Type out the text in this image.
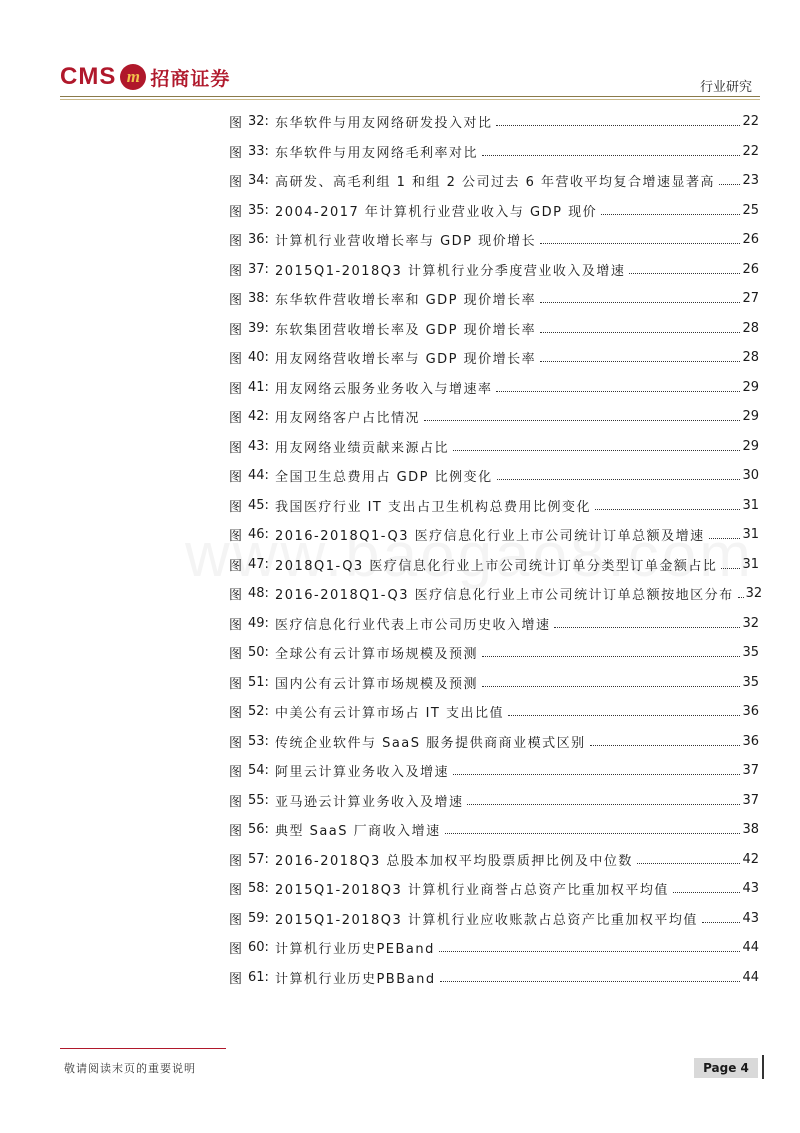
CMS m 招商证券	行业研究
图 32: 东华软件与用友网络研发投入对比	22
图 33: 东华软件与用友网络毛利率对比	22
图 34: 高研发、高毛利组 1 和组 2 公司过去 6 年营收平均复合增速显著高 23
图 35: 2004-2017 年计算机行业营业收入与 GDP 现价	25
图 36: 计算机行业营收增长率与 GDP 现价增长	26
图 37: 2015Q1-2018Q3 计算机行业分季度营业收入及增速	26
图 38: 东华软件营收增长率和 GDP 现价增长率	27
图 39: 东软集团营收增长率及 GDP 现价增长率	28
图 40: 用友网络营收增长率与 GDP 现价增长率	28
图 41: 用友网络云服务业务收入与增速率	29
图 42: 用友网络客户占比情况	29
图 43: 用友网络业绩贡献来源占比	29
图 44: 全国卫生总费用占 GDP 比例变化	30
图 45: 我国医疗行业 IT 支出占卫生机构总费用比例变化	31
图 46: 2016-2018Q1-Q3 医疗信息化行业上市公司统计订单总额及增速	31
图 47: 2018Q1-Q3 医疗信息化行业上市公司统计订单分类型订单金额占比 31
图 48: 2016-2018Q1-Q3 医疗信息化行业上市公司统计订单总额按地区分布 32
图 49: 医疗信息化行业代表上市公司历史收入增速	32
图 50: 全球公有云计算市场规模及预测	35
图 51: 国内公有云计算市场规模及预测	35
图 52: 中美公有云计算市场占 IT 支出比值	36
图 53: 传统企业软件与 SaaS 服务提供商商业模式区别	36
图 54: 阿里云计算业务收入及增速	37
图 55: 亚马逊云计算业务收入及增速	37
图 56: 典型 SaaS 厂商收入增速	38
图 57: 2016-2018Q3 总股本加权平均股票质押比例及中位数	42
图 58: 2015Q1-2018Q3 计算机行业商誉占总资产比重加权平均值	43
图 59: 2015Q1-2018Q3 计算机行业应收账款占总资产比重加权平均值	43
图 60: 计算机行业历史PEBand	44
图 61: 计算机行业历史PBBand	44
敬请阅读末页的重要说明	Page 4
